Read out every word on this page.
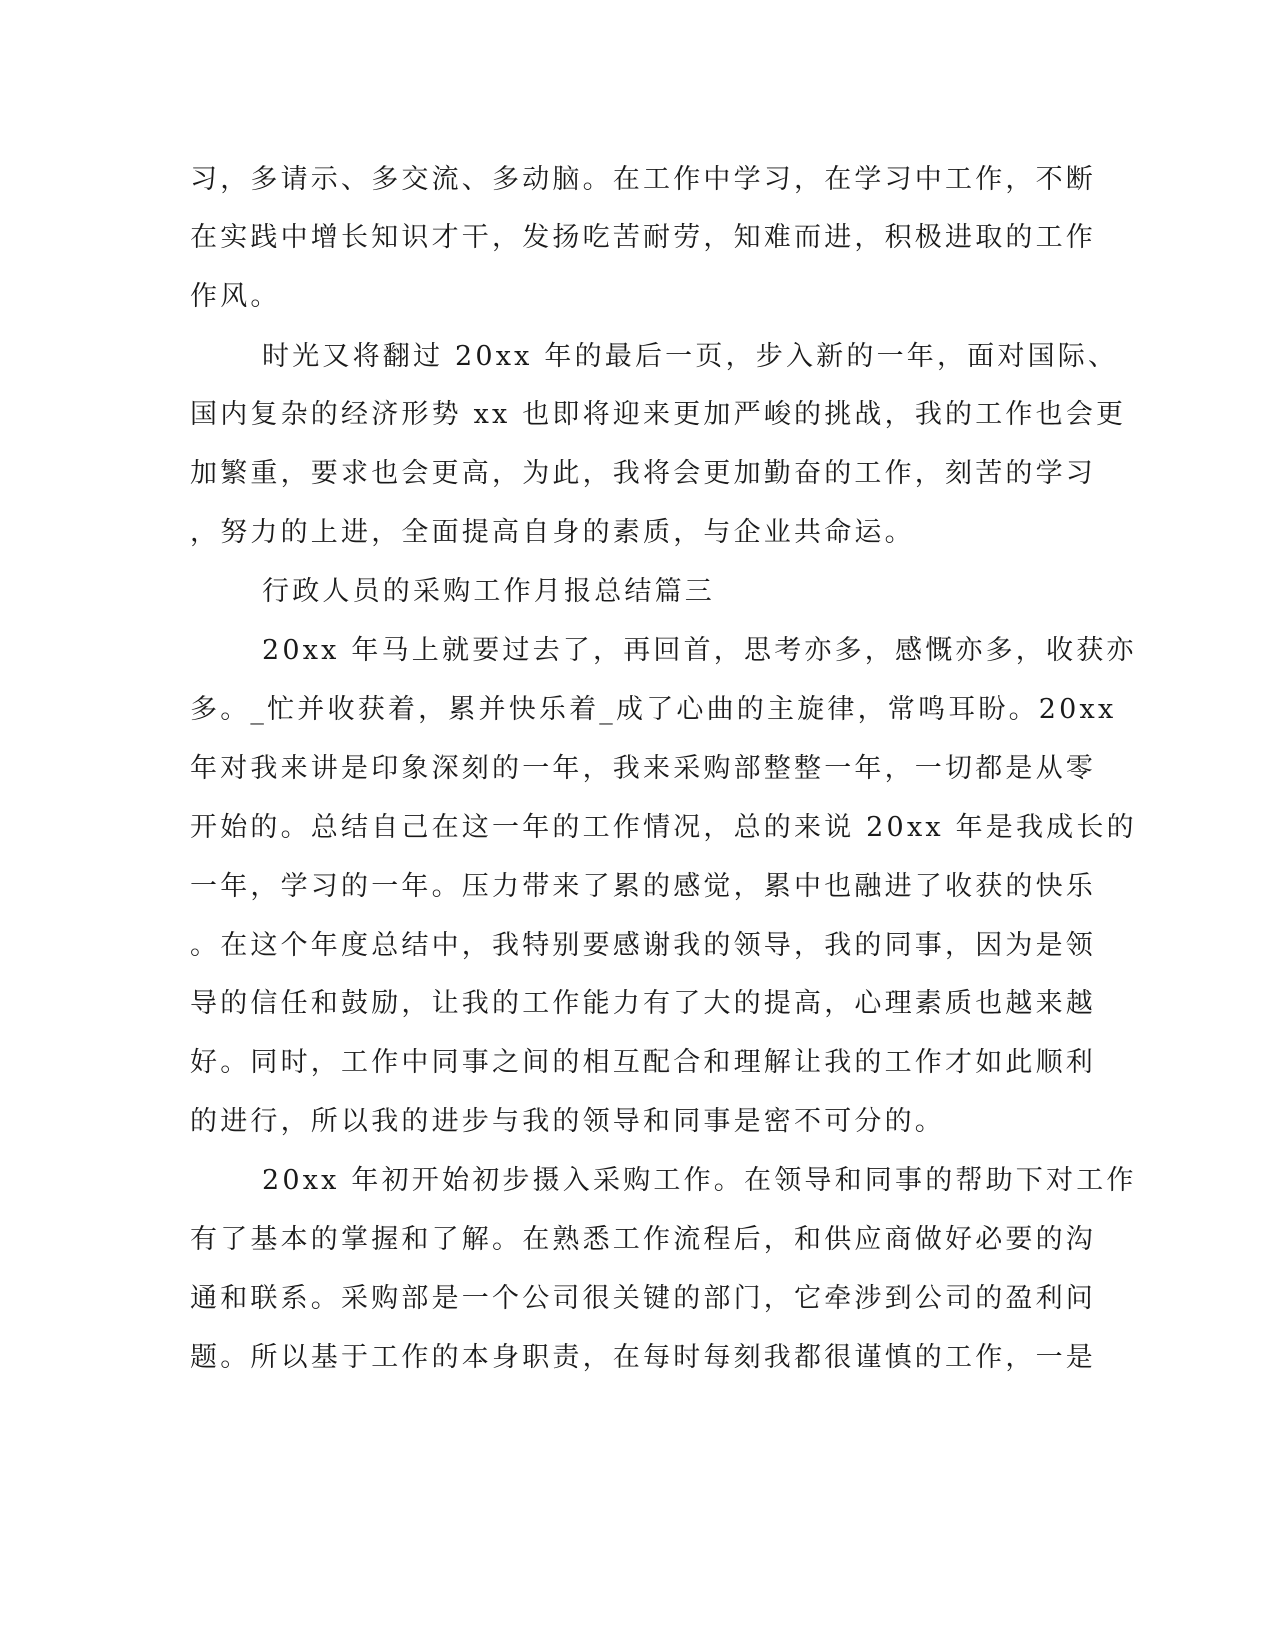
习，多请示、多交流、多动脑。在工作中学习，在学习中工作，不断
在实践中增长知识才干，发扬吃苦耐劳，知难而进，积极进取的工作
作风。
时光又将翻过 20xx 年的最后一页，步入新的一年，面对国际、
国内复杂的经济形势 xx 也即将迎来更加严峻的挑战，我的工作也会更
加繁重，要求也会更高，为此，我将会更加勤奋的工作，刻苦的学习
，努力的上进，全面提高自身的素质，与企业共命运。
行政人员的采购工作月报总结篇三
20xx 年马上就要过去了，再回首，思考亦多，感慨亦多，收获亦
多。_忙并收获着，累并快乐着_成了心曲的主旋律，常鸣耳盼。20xx
年对我来讲是印象深刻的一年，我来采购部整整一年，一切都是从零
开始的。总结自己在这一年的工作情况，总的来说 20xx 年是我成长的
一年，学习的一年。压力带来了累的感觉，累中也融进了收获的快乐
。在这个年度总结中，我特别要感谢我的领导，我的同事，因为是领
导的信任和鼓励，让我的工作能力有了大的提高，心理素质也越来越
好。同时，工作中同事之间的相互配合和理解让我的工作才如此顺利
的进行，所以我的进步与我的领导和同事是密不可分的。
20xx 年初开始初步摄入采购工作。在领导和同事的帮助下对工作
有了基本的掌握和了解。在熟悉工作流程后，和供应商做好必要的沟
通和联系。采购部是一个公司很关键的部门，它牵涉到公司的盈利问
题。所以基于工作的本身职责，在每时每刻我都很谨慎的工作，一是
